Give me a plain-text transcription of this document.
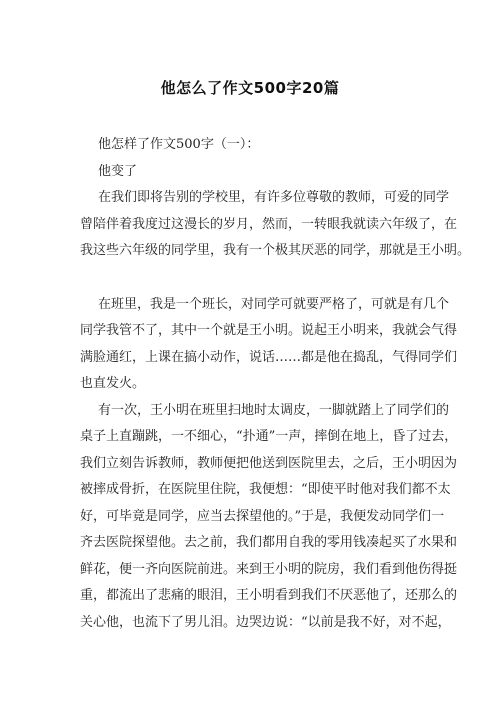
他怎么了作文500字20篇
他怎样了作文500字（一）：
他变了
在我们即将告别的学校里，有许多位尊敬的教师，可爱的同学
曾陪伴着我度过这漫长的岁月，然而，一转眼我就读六年级了，在
我这些六年级的同学里，我有一个极其厌恶的同学，那就是王小明。
在班里，我是一个班长，对同学可就要严格了，可就是有几个
同学我管不了，其中一个就是王小明。说起王小明来，我就会气得
满脸通红，上课在搞小动作，说话……都是他在捣乱，气得同学们
也直发火。
有一次，王小明在班里扫地时太调皮，一脚就踏上了同学们的
桌子上直蹦跳，一不细心，“扑通”一声，摔倒在地上，昏了过去，
我们立刻告诉教师，教师便把他送到医院里去，之后，王小明因为
被摔成骨折，在医院里住院，我便想：“即使平时他对我们都不太
好，可毕竟是同学，应当去探望他的。”于是，我便发动同学们一
齐去医院探望他。去之前，我们都用自我的零用钱凑起买了水果和
鲜花，便一齐向医院前进。来到王小明的院房，我们看到他伤得挺
重，都流出了悲痛的眼泪，王小明看到我们不厌恶他了，还那么的
关心他，也流下了男儿泪。边哭边说：“以前是我不好，对不起，
